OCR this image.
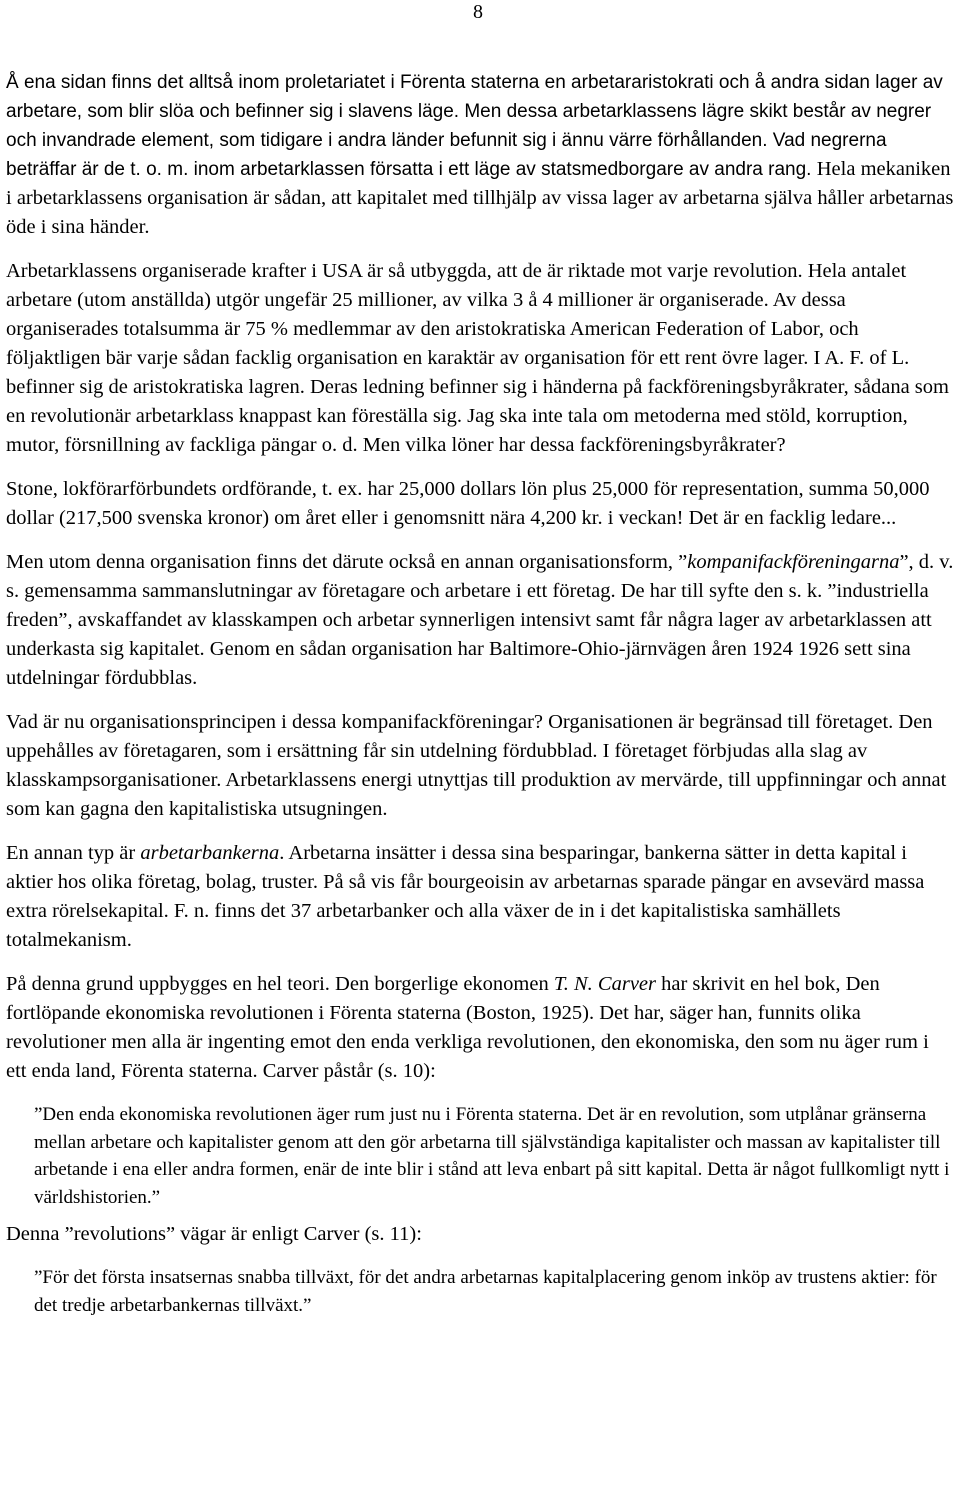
8

Å ena sidan finns det alltså inom proletariatet i Förenta staterna en arbetararistokrati och å andra sidan lager av arbetare, som blir slöa och befinner sig i slavens läge. Men dessa arbetarklassens lägre skikt består av negrer och invandrade element, som tidigare i andra länder befunnit sig i ännu värre förhållanden. Vad negrerna beträffar är de t. o. m. inom arbetarklassen försatta i ett läge av statsmedborgare av andra rang. Hela mekaniken i arbetarklassens organisation är sådan, att kapitalet med tillhjälp av vissa lager av arbetarna själva håller arbetarnas öde i sina händer.

Arbetarklassens organiserade krafter i USA är så utbyggda, att de är riktade mot varje revolution. Hela antalet arbetare (utom anställda) utgör ungefär 25 millioner, av vilka 3 å 4 millioner är organiserade. Av dessa organiserades totalsumma är 75 % medlemmar av den aristokratiska American Federation of Labor, och följaktligen bär varje sådan facklig organisation en karaktär av organisation för ett rent övre lager. I A. F. of L. befinner sig de aristokratiska lagren. Deras ledning befinner sig i händerna på fackföreningsbyråkrater, sådana som en revolutionär arbetarklass knappast kan föreställa sig. Jag ska inte tala om metoderna med stöld, korruption, mutor, försnillning av fackliga pängar o. d. Men vilka löner har dessa fackföreningsbyråkrater?

Stone, lokförarförbundets ordförande, t. ex. har 25,000 dollars lön plus 25,000 för representation, summa 50,000 dollar (217,500 svenska kronor) om året eller i genomsnitt nära 4,200 kr. i veckan! Det är en facklig ledare...

Men utom denna organisation finns det därute också en annan organisationsform, ”kompanifackföreningarna”, d. v. s. gemensamma sammanslutningar av företagare och arbetare i ett företag. De har till syfte den s. k. ”industriella freden”, avskaffandet av klasskampen och arbetar synnerligen intensivt samt får några lager av arbetarklassen att underkasta sig kapitalet. Genom en sådan organisation har Baltimore-Ohio-järnvägen åren 1924 1926 sett sina utdelningar fördubblas.

Vad är nu organisationsprincipen i dessa kompanifackföreningar? Organisationen är begränsad till företaget. Den uppehålles av företagaren, som i ersättning får sin utdelning fördubblad. I företaget förbjudas alla slag av klasskampsorganisationer. Arbetarklassens energi utnyttjas till produktion av mervärde, till uppfinningar och annat som kan gagna den kapitalistiska utsugningen.

En annan typ är arbetarbankerna. Arbetarna insätter i dessa sina besparingar, bankerna sätter in detta kapital i aktier hos olika företag, bolag, truster. På så vis får bourgeoisin av arbetarnas sparade pängar en avsevärd massa extra rörelsekapital. F. n. finns det 37 arbetarbanker och alla växer de in i det kapitalistiska samhällets totalmekanism.

På denna grund uppbygges en hel teori. Den borgerlige ekonomen T. N. Carver har skrivit en hel bok, Den fortlöpande ekonomiska revolutionen i Förenta staterna (Boston, 1925). Det har, säger han, funnits olika revolutioner men alla är ingenting emot den enda verkliga revolutionen, den ekonomiska, den som nu äger rum i ett enda land, Förenta staterna. Carver påstår (s. 10):

”Den enda ekonomiska revolutionen äger rum just nu i Förenta staterna. Det är en revolution, som utplånar gränserna mellan arbetare och kapitalister genom att den gör arbetarna till självständiga kapitalister och massan av kapitalister till arbetande i ena eller andra formen, enär de inte blir i stånd att leva enbart på sitt kapital. Detta är något fullkomligt nytt i världshistorien.”

Denna ”revolutions” vägar är enligt Carver (s. 11):

”För det första insatsernas snabba tillväxt, för det andra arbetarnas kapitalplacering genom inköp av trustens aktier: för det tredje arbetarbankernas tillväxt.”
